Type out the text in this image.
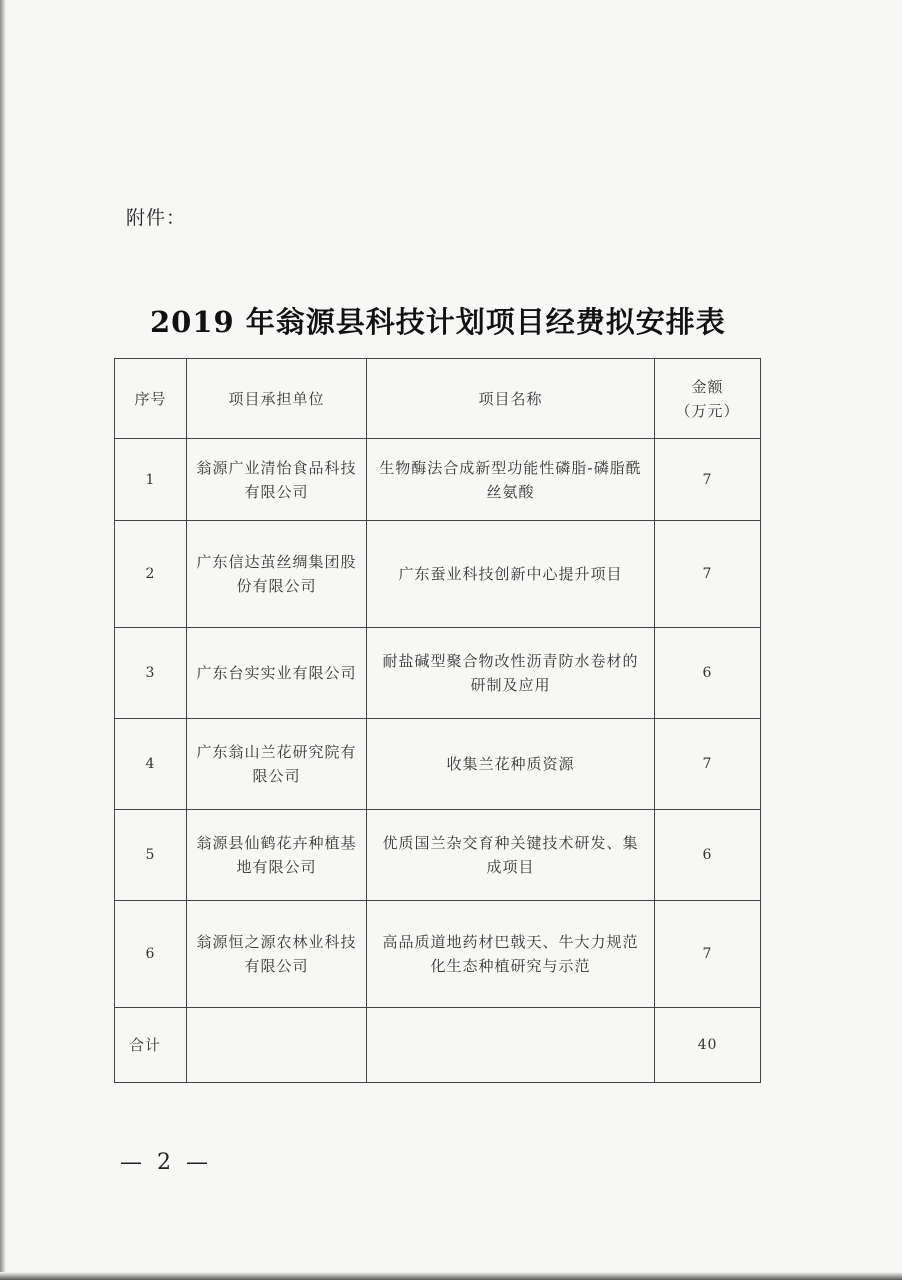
附件：
2019 年翁源县科技计划项目经费拟安排表
序号	项目承担单位	项目名称	金额
（万元）

1	翁源广业清怡食品科技有限公司	生物酶法合成新型功能性磷脂-磷脂酰丝氨酸	7
2	广东信达茧丝绸集团股份有限公司	广东蚕业科技创新中心提升项目	7
3	广东台实实业有限公司	耐盐碱型聚合物改性沥青防水卷材的研制及应用	6
4	广东翁山兰花研究院有限公司	收集兰花种质资源	7
5	翁源县仙鹤花卉种植基地有限公司	优质国兰杂交育种关键技术研发、集成项目	6
6	翁源恒之源农林业科技有限公司	高品质道地药材巴戟天、牛大力规范化生态种植研究与示范	7
合计			40
— 2 —
